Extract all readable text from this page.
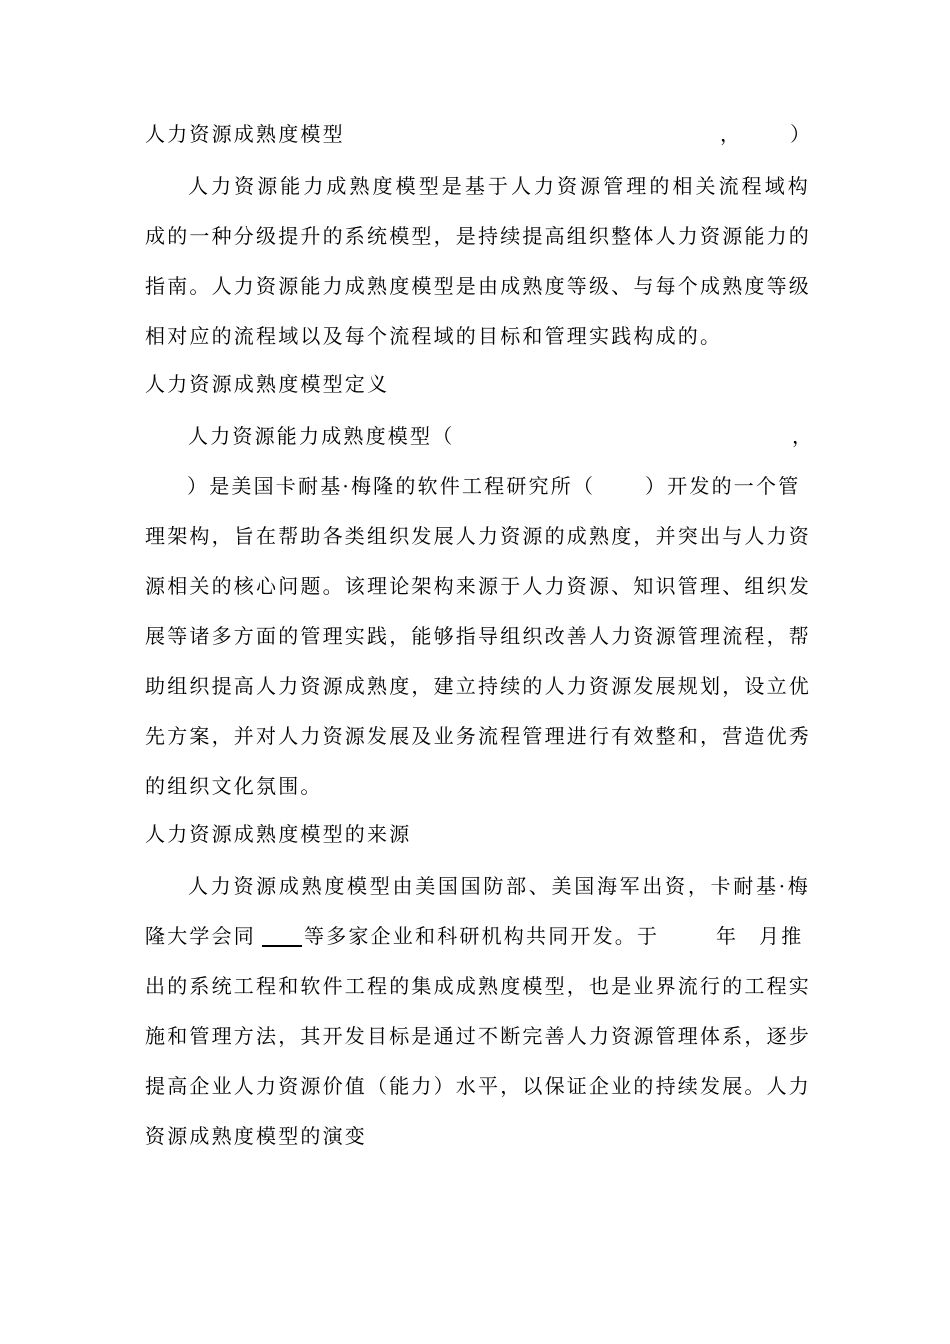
人力资源成熟度模型	， ）
人力资源能力成熟度模型是基于人力资源管理的相关流程域构
成的一种分级提升的系统模型，是持续提高组织整体人力资源能力的
指南。人力资源能力成熟度模型是由成熟度等级、与每个成熟度等级
相对应的流程域以及每个流程域的目标和管理实践构成的。
人力资源成熟度模型定义
人力资源能力成熟度模型（	，
）是美国卡耐基·梅隆的软件工程研究所（ ）开发的一个管
理架构，旨在帮助各类组织发展人力资源的成熟度，并突出与人力资
源相关的核心问题。该理论架构来源于人力资源、知识管理、组织发
展等诸多方面的管理实践，能够指导组织改善人力资源管理流程，帮
助组织提高人力资源成熟度，建立持续的人力资源发展规划，设立优
先方案，并对人力资源发展及业务流程管理进行有效整和，营造优秀
的组织文化氛围。
人力资源成熟度模型的来源
人力资源成熟度模型由美国国防部、美国海军出资，卡耐基·梅
隆大学会同 等多家企业和科研机构共同开发。于	年 月推
出的系统工程和软件工程的集成成熟度模型，也是业界流行的工程实
施和管理方法，其开发目标是通过不断完善人力资源管理体系，逐步
提高企业人力资源价值（能力）水平，以保证企业的持续发展。人力
资源成熟度模型的演变
